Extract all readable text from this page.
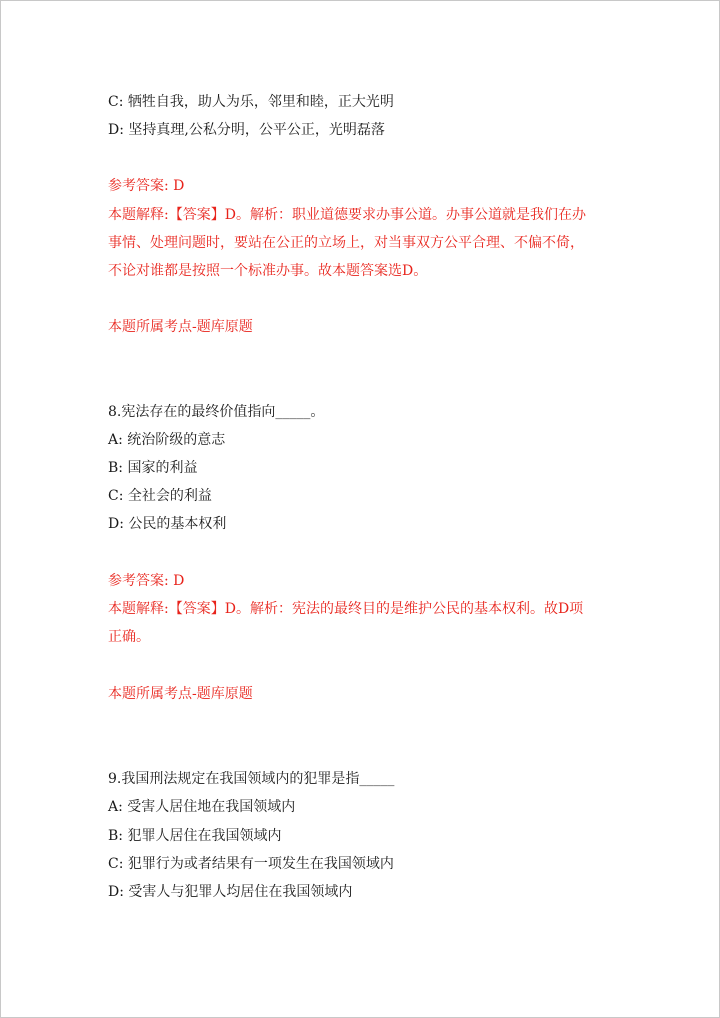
C: 牺牲自我，助人为乐，邻里和睦，正大光明
D: 坚持真理,公私分明，公平公正，光明磊落
参考答案: D
本题解释:【答案】D。解析：职业道德要求办事公道。办事公道就是我们在办
事情、处理问题时，要站在公正的立场上，对当事双方公平合理、不偏不倚，
不论对谁都是按照一个标准办事。故本题答案选D。
本题所属考点-题库原题
8.宪法存在的最终价值指向_____。
A: 统治阶级的意志
B: 国家的利益
C: 全社会的利益
D: 公民的基本权利
参考答案: D
本题解释:【答案】D。解析：宪法的最终目的是维护公民的基本权利。故D项
正确。
本题所属考点-题库原题
9.我国刑法规定在我国领域内的犯罪是指_____
A: 受害人居住地在我国领域内
B: 犯罪人居住在我国领域内
C: 犯罪行为或者结果有一项发生在我国领域内
D: 受害人与犯罪人均居住在我国领域内
